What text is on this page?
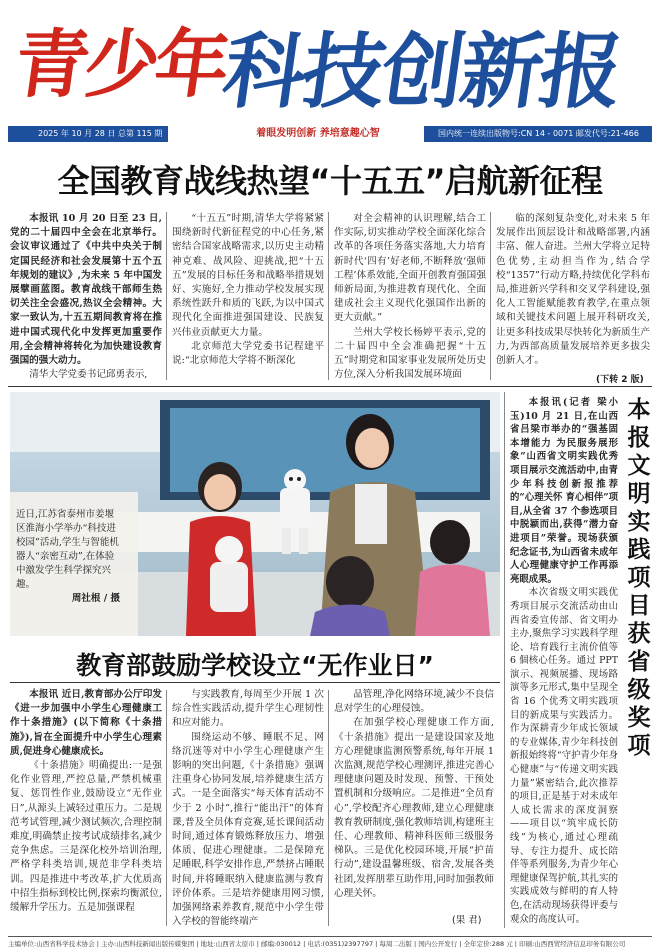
青少年
科技创新报
2025 年 10 月 28 日 总第 115 期 今日 16 版
着眼发明创新 养培意趣心智	国内统一连续出版物号:CN 14 - 0071 邮发代号:21-466
全国教育战线热望“十五五”启航新征程

本报讯 10 月 20 日至 23 日,党的二十届四中全会在北京举行。会议审议通过了《中共中央关于制定国民经济和社会发展第十五个五年规划的建议》,为未来 5 年中国发展擘画蓝图。教育战线干部师生热切关注全会盛况,热议全会精神。大家一致认为,十五五期间教育将在推进中国式现代化中发挥更加重要作用,全会精神将转化为加快建设教育强国的强大动力。

清华大学党委书记邱勇表示,

“十五五”时期,清华大学将紧紧围绕新时代新征程党的中心任务,紧密结合国家战略需求,以历史主动精神克难、战风险、迎挑战,把“十五五”发展的目标任务和战略举措规划好、实施好,全力推动学校发展实现系统性跃升和质的飞跃,为以中国式现代化全面推进强国建设、民族复兴伟业贡献更大力量。

北京师范大学党委书记程建平说:“北京师范大学将不断深化

对全会精神的认识理解,结合工作实际,切实推动学校全面深化综合改革的各项任务落实落地,大力培育新时代‘四有’好老师,不断释放‘强师工程’体系效能,全面开创教育强国强师新局面,为推进教育现代化、全面建成社会主义现代化强国作出新的更大贡献。”

兰州大学校长杨婷平表示,党的二十届四中全会准确把握“十五五”时期党和国家事业发展所处历史方位,深入分析我国发展环境面

临的深刻复杂变化,对未来 5 年发展作出顶层设计和战略部署,内涵丰富、催人奋进。兰州大学将立足特色优势,主动担当作为,结合学校“1357”行动方略,持续优化学科布局,推进新兴学科和交叉学科建设,强化人工智能赋能教育教学,在重点领域和关键技术问题上展开科研攻关,让更多科技成果尽快转化为新质生产力,为西部高质量发展培养更多拔尖创新人才。

(下转 2 版)

近日,江苏省泰州市姜堰区淮海小学举办“科技进校园”活动,学生与智能机器人“亲密互动”,在体验中激发学生科学探究兴趣。

周社根 / 摄
教育部鼓励学校设立“无作业日”

本报讯 近日,教育部办公厅印发《进一步加强中小学生心理健康工作十条措施》(以下简称《十条措施》),旨在全面提升中小学生心理素质,促进身心健康成长。

《十条措施》明确提出:一是强化作业管理,严控总量,严禁机械重复、惩罚性作业,鼓励设立“无作业日”,从源头上减轻过重压力。二是规范考试管理,减少测试频次,合理控制难度,明确禁止按考试成绩排名,减少竞争焦虑。三是深化校外培训治理,严格学科类培训,规范非学科类培训。四是推进中考改革,扩大优质高中招生指标到校比例,探索均衡派位,缓解升学压力。五是加强课程

与实践教育,每周至少开展 1 次综合性实践活动,提升学生心理韧性和应对能力。

围绕运动不够、睡眠不足、网络沉迷等对中小学生心理健康产生影响的突出问题,《十条措施》强调注重身心协同发展,培养健康生活方式。一是全面落实“每天体育活动不少于 2 小时”,推行“能出汗”的体育课,普及全员体育竞赛,延长课间活动时间,通过体育锻炼释放压力、增强体质、促进心理健康。二是保障充足睡眠,科学安排作息,严禁挤占睡眠时间,并将睡眠纳入健康监测与教育评价体系。三是培养健康用网习惯,加强网络素养教育,规范中小学生带入学校的智能终端产

品管理,净化网络环境,减少不良信息对学生的心理侵蚀。

在加强学校心理健康工作方面,《十条措施》提出一是建设国家及地方心理健康监测预警系统,每年开展 1 次监测,规范学校心理测评,推进完善心理健康问题及时发现、预警、干预处置机制和分级响应。二是推进“全员育心”,学校配齐心理教师,建立心理健康教育教研制度,强化教师培训,构建班主任、心理教师、精神科医师三级服务梯队。三是优化校园环境,开展“护苗行动”,建设温馨班级、宿舍,发展各类社团,发挥朋辈互助作用,同时加强教师心理关怀。

(果 君)

本报讯(记者 梁小玉)10 月 21 日,在山西省吕梁市举办的“强基固本增能力 为民服务展形象”山西省文明实践优秀项目展示交流活动中,由青少年科技创新报推荐的“心理关怀 育心相伴”项目,从全省 37 个参选项目中脱颖而出,获得“潜力奋进项目”荣誉。现场获颁纪念证书,为山西省未成年人心理健康守护工作再添亮眼成果。

本次省级文明实践优秀项目展示交流活动由山西省委宣传部、省文明办主办,聚焦学习实践科学理论、培育践行主流价值等 6 個核心任务。通过 PPT 演示、视频展播、现场路演等多元形式,集中呈现全省 16 个优秀文明实践项目的新成果与实践活力。作为深耕青少年成长领域的专业媒体,青少年科技创新报始终将“守护青少年身心健康”与“传递文明实践力量”紧密结合,此次推荐的项目,正是基于对未成年人成长需求的深度洞察——项目以“筑牢成长防线”为核心,通过心理疏导、专注力提升、成长陪伴等系列服务,为青少年心理健康保驾护航,其扎实的实践成效与鲜明的育人特色,在活动现场获得评委与观众的高度认可。

本报文明实践项目获省级奖项
主编单位:山西省科学技术协会 | 主办:山西科技新闻出版传媒集团 | 地址:山西省太原市 | 邮编:030012 | 电话:(0351)2397797 | 每周二出版 | 国内公开发行 | 全年定价:288 元 | 印刷:山西西贸经济信息印务有限公司
